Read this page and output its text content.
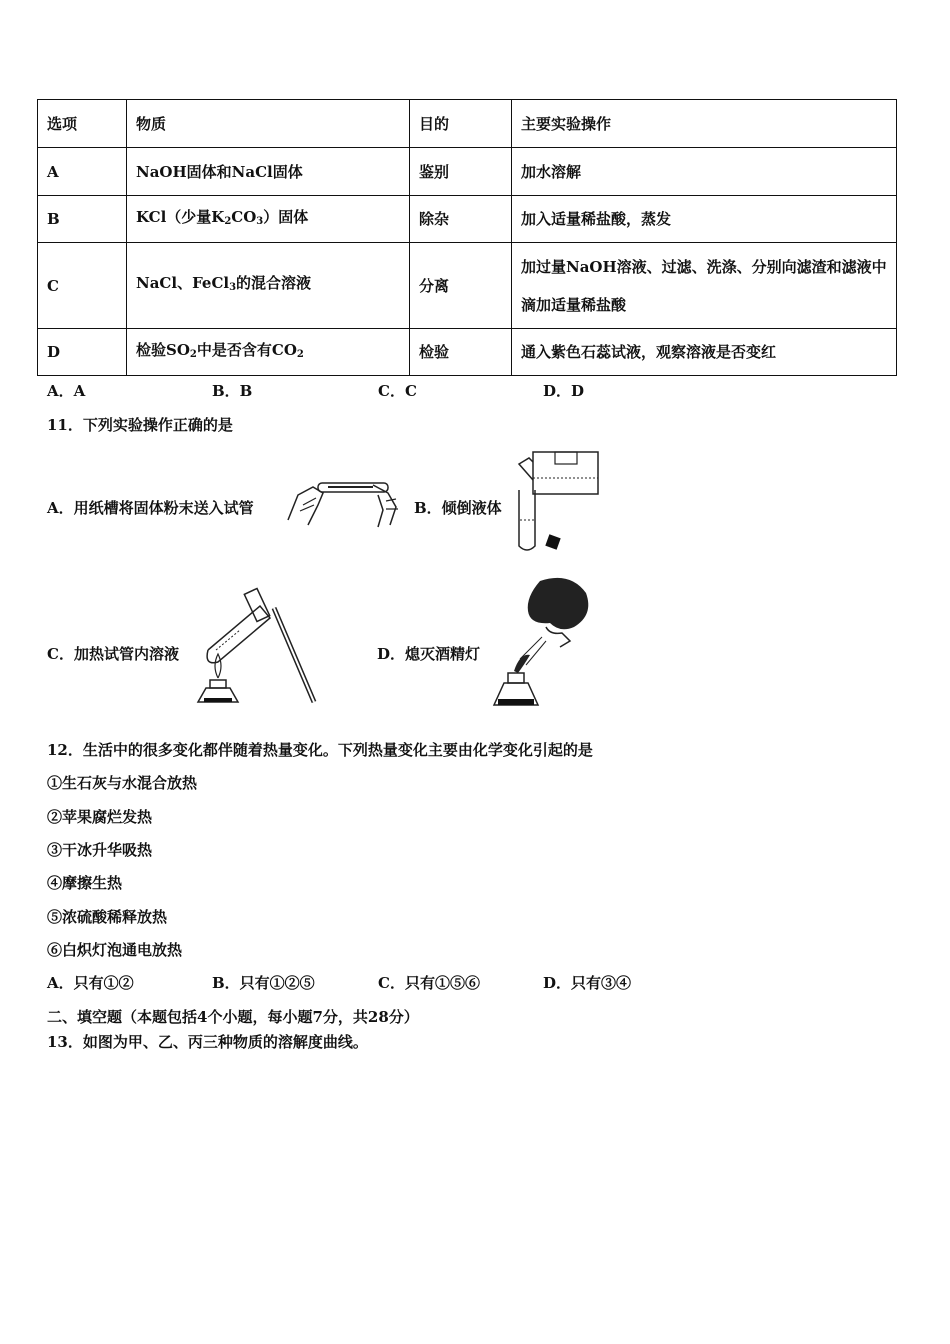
选项	物质	目的	主要实验操作
A	NaOH固体和NaCl固体	鉴别	加水溶解
B	KCl（少量$K_2CO_3$）固体	除杂	加入适量稀盐酸，蒸发
C	NaCl、FeCl$_3$的混合溶液	分离	加过量NaOH溶液、过滤、洗涤、分别向滤渣和滤液中滴加适量稀盐酸
D	检验$SO_2$中是否含有$CO_2$	检验	通入紫色石蕊试液，观察溶液是否变红
A．A	B．B	C．C	D．D
11．下列实验操作正确的是
A．用纸槽将固体粉末送入试管	B．倾倒液体
C．加热试管内溶液	D．熄灭酒精灯
12．生活中的很多变化都伴随着热量变化。下列热量变化主要由化学变化引起的是
①生石灰与水混合放热
②苹果腐烂发热
③干冰升华吸热
④摩擦生热
⑤浓硫酸稀释放热
⑥白炽灯泡通电放热
A．只有①②	B．只有①②⑤	C．只有①⑤⑥	D．只有③④
二、填空题（本题包括4个小题，每小题7分，共28分）
13．如图为甲、乙、丙三种物质的溶解度曲线。
